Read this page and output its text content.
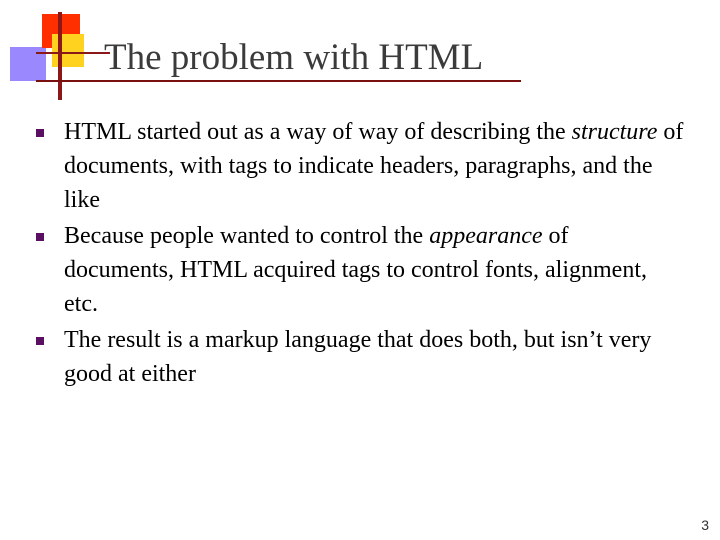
The problem with HTML
HTML started out as a way of way of describing the structure of documents, with tags to indicate headers, paragraphs, and the like
Because people wanted to control the appearance of documents, HTML acquired tags to control fonts, alignment, etc.
The result is a markup language that does both, but isn’t very good at either
3
